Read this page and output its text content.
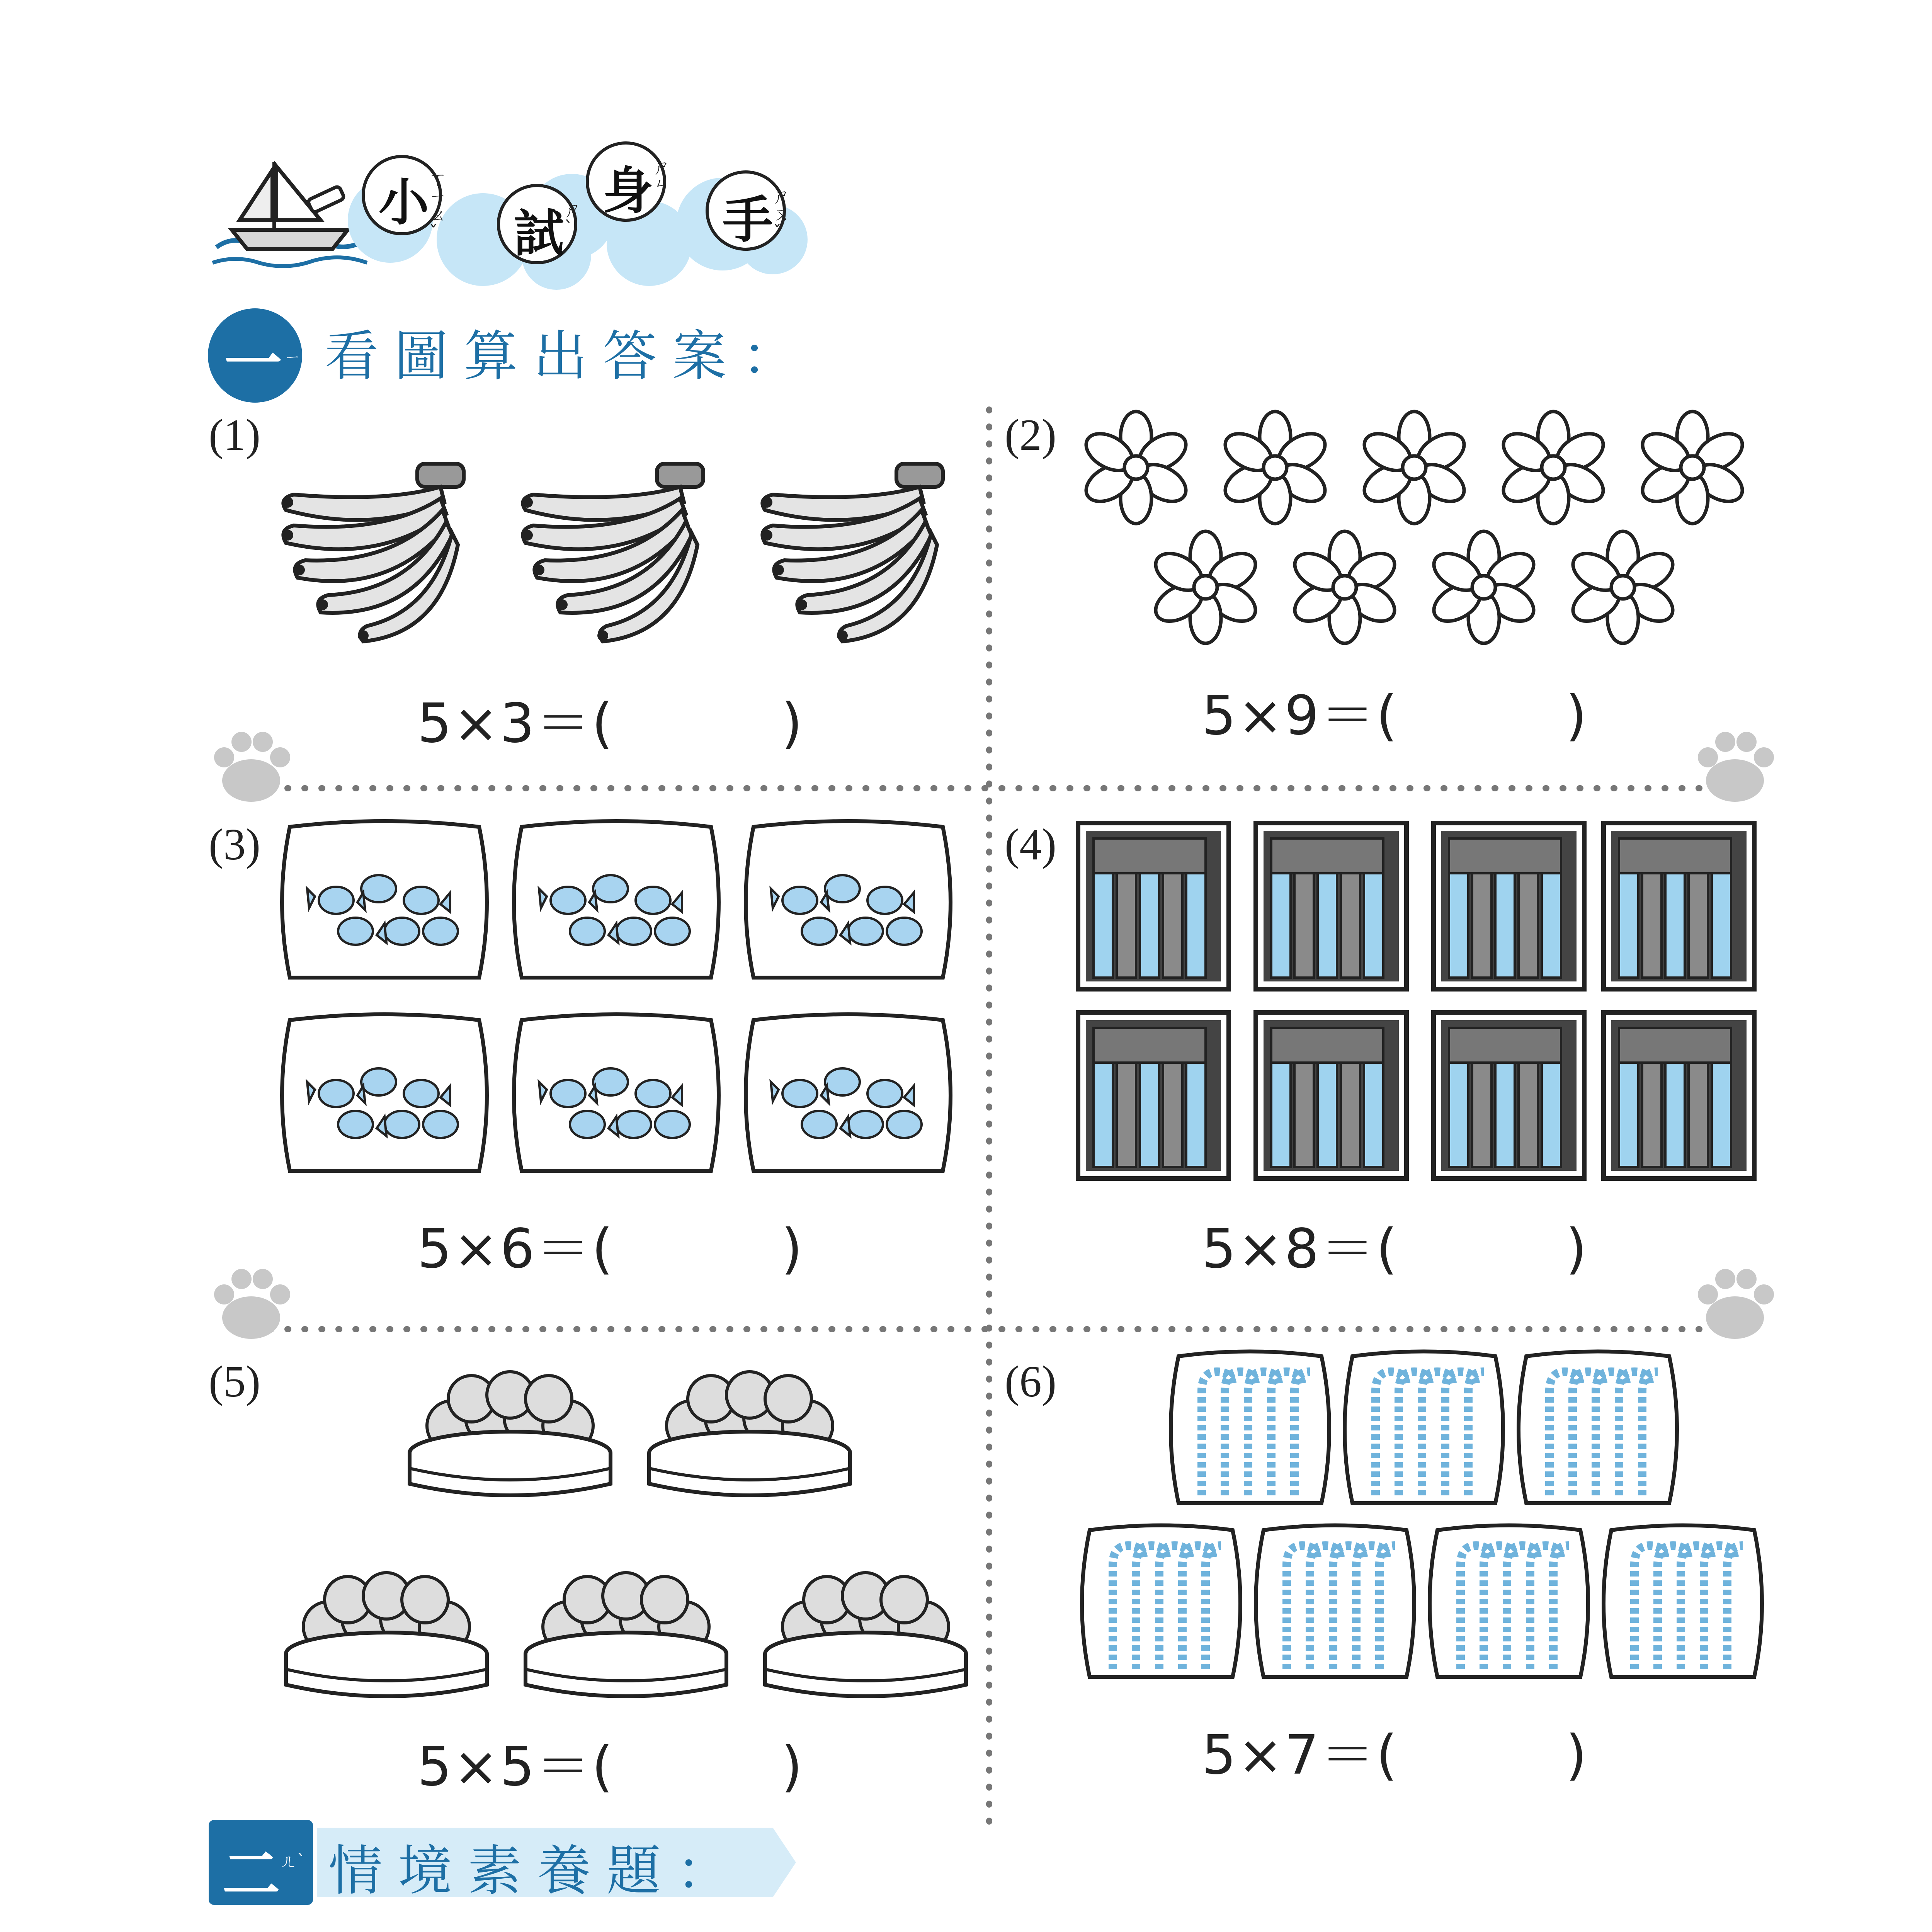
小 ㄒㄧㄠˇ 試 ㄕˋ
身 ㄕㄣ
手 ㄕㄡˇ
一 ㄧ 看圖算出答案：
(1)
5×3＝(　　　)
(2)
5×9＝(　　　)
(3)
5×6＝(　　　)
(4)
5×8＝(　　　)
(5)
5×5＝(　　　)
(6)
5×7＝(　　　)
二 ㄦˋ 情境素養題：
